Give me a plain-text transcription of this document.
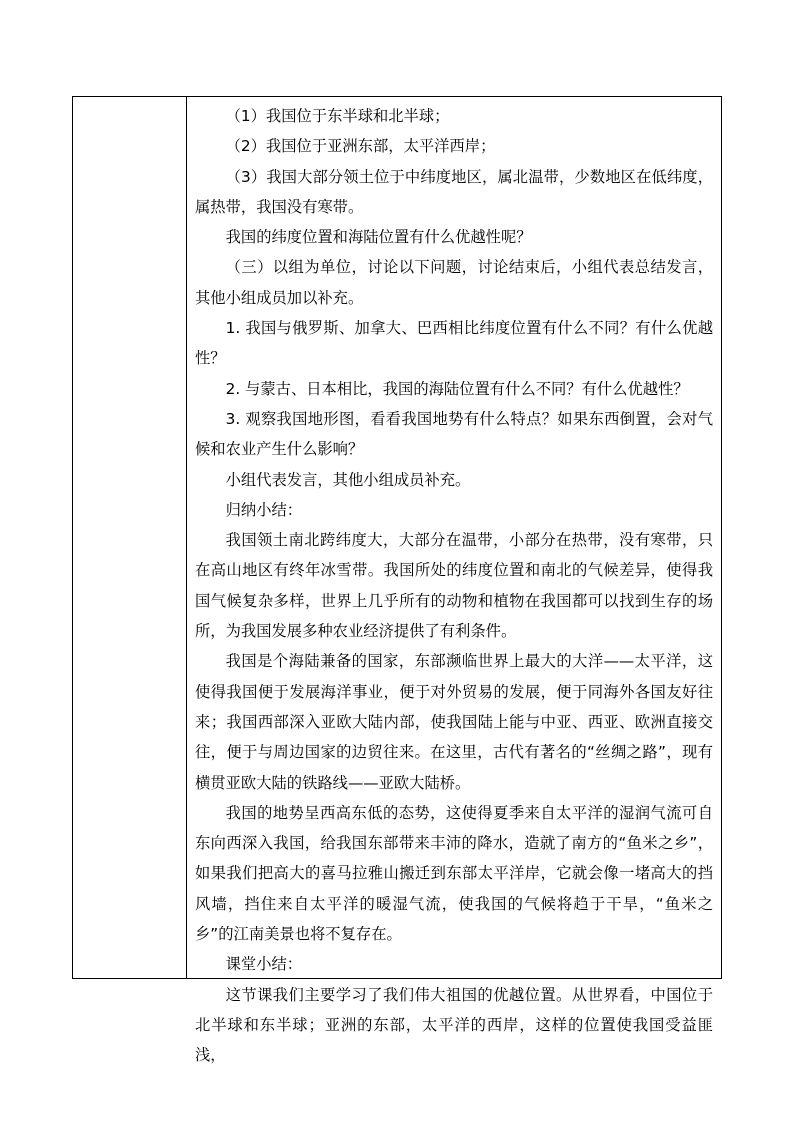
（1）我国位于东半球和北半球；

（2）我国位于亚洲东部，太平洋西岸；

（3）我国大部分领土位于中纬度地区，属北温带，少数地区在低纬度，属热带，我国没有寒带。

我国的纬度位置和海陆位置有什么优越性呢？

（三）以组为单位，讨论以下问题，讨论结束后，小组代表总结发言，其他小组成员加以补充。

1. 我国与俄罗斯、加拿大、巴西相比纬度位置有什么不同？有什么优越性？

2. 与蒙古、日本相比，我国的海陆位置有什么不同？有什么优越性？

3. 观察我国地形图，看看我国地势有什么特点？如果东西倒置，会对气候和农业产生什么影响？

小组代表发言，其他小组成员补充。

归纳小结：

我国领土南北跨纬度大，大部分在温带，小部分在热带，没有寒带，只在高山地区有终年冰雪带。我国所处的纬度位置和南北的气候差异，使得我国气候复杂多样，世界上几乎所有的动物和植物在我国都可以找到生存的场所，为我国发展多种农业经济提供了有利条件。

我国是个海陆兼备的国家，东部濒临世界上最大的大洋——太平洋，这使得我国便于发展海洋事业，便于对外贸易的发展，便于同海外各国友好往来；我国西部深入亚欧大陆内部，使我国陆上能与中亚、西亚、欧洲直接交往，便于与周边国家的边贸往来。在这里，古代有著名的“丝绸之路”，现有横贯亚欧大陆的铁路线——亚欧大陆桥。

我国的地势呈西高东低的态势，这使得夏季来自太平洋的湿润气流可自东向西深入我国，给我国东部带来丰沛的降水，造就了南方的“鱼米之乡”，如果我们把高大的喜马拉雅山搬迁到东部太平洋岸，它就会像一堵高大的挡风墙，挡住来自太平洋的暖湿气流，使我国的气候将趋于干旱，“鱼米之乡”的江南美景也将不复存在。

课堂小结：

这节课我们主要学习了我们伟大祖国的优越位置。从世界看，中国位于北半球和东半球；亚洲的东部，太平洋的西岸，这样的位置使我国受益匪浅，
